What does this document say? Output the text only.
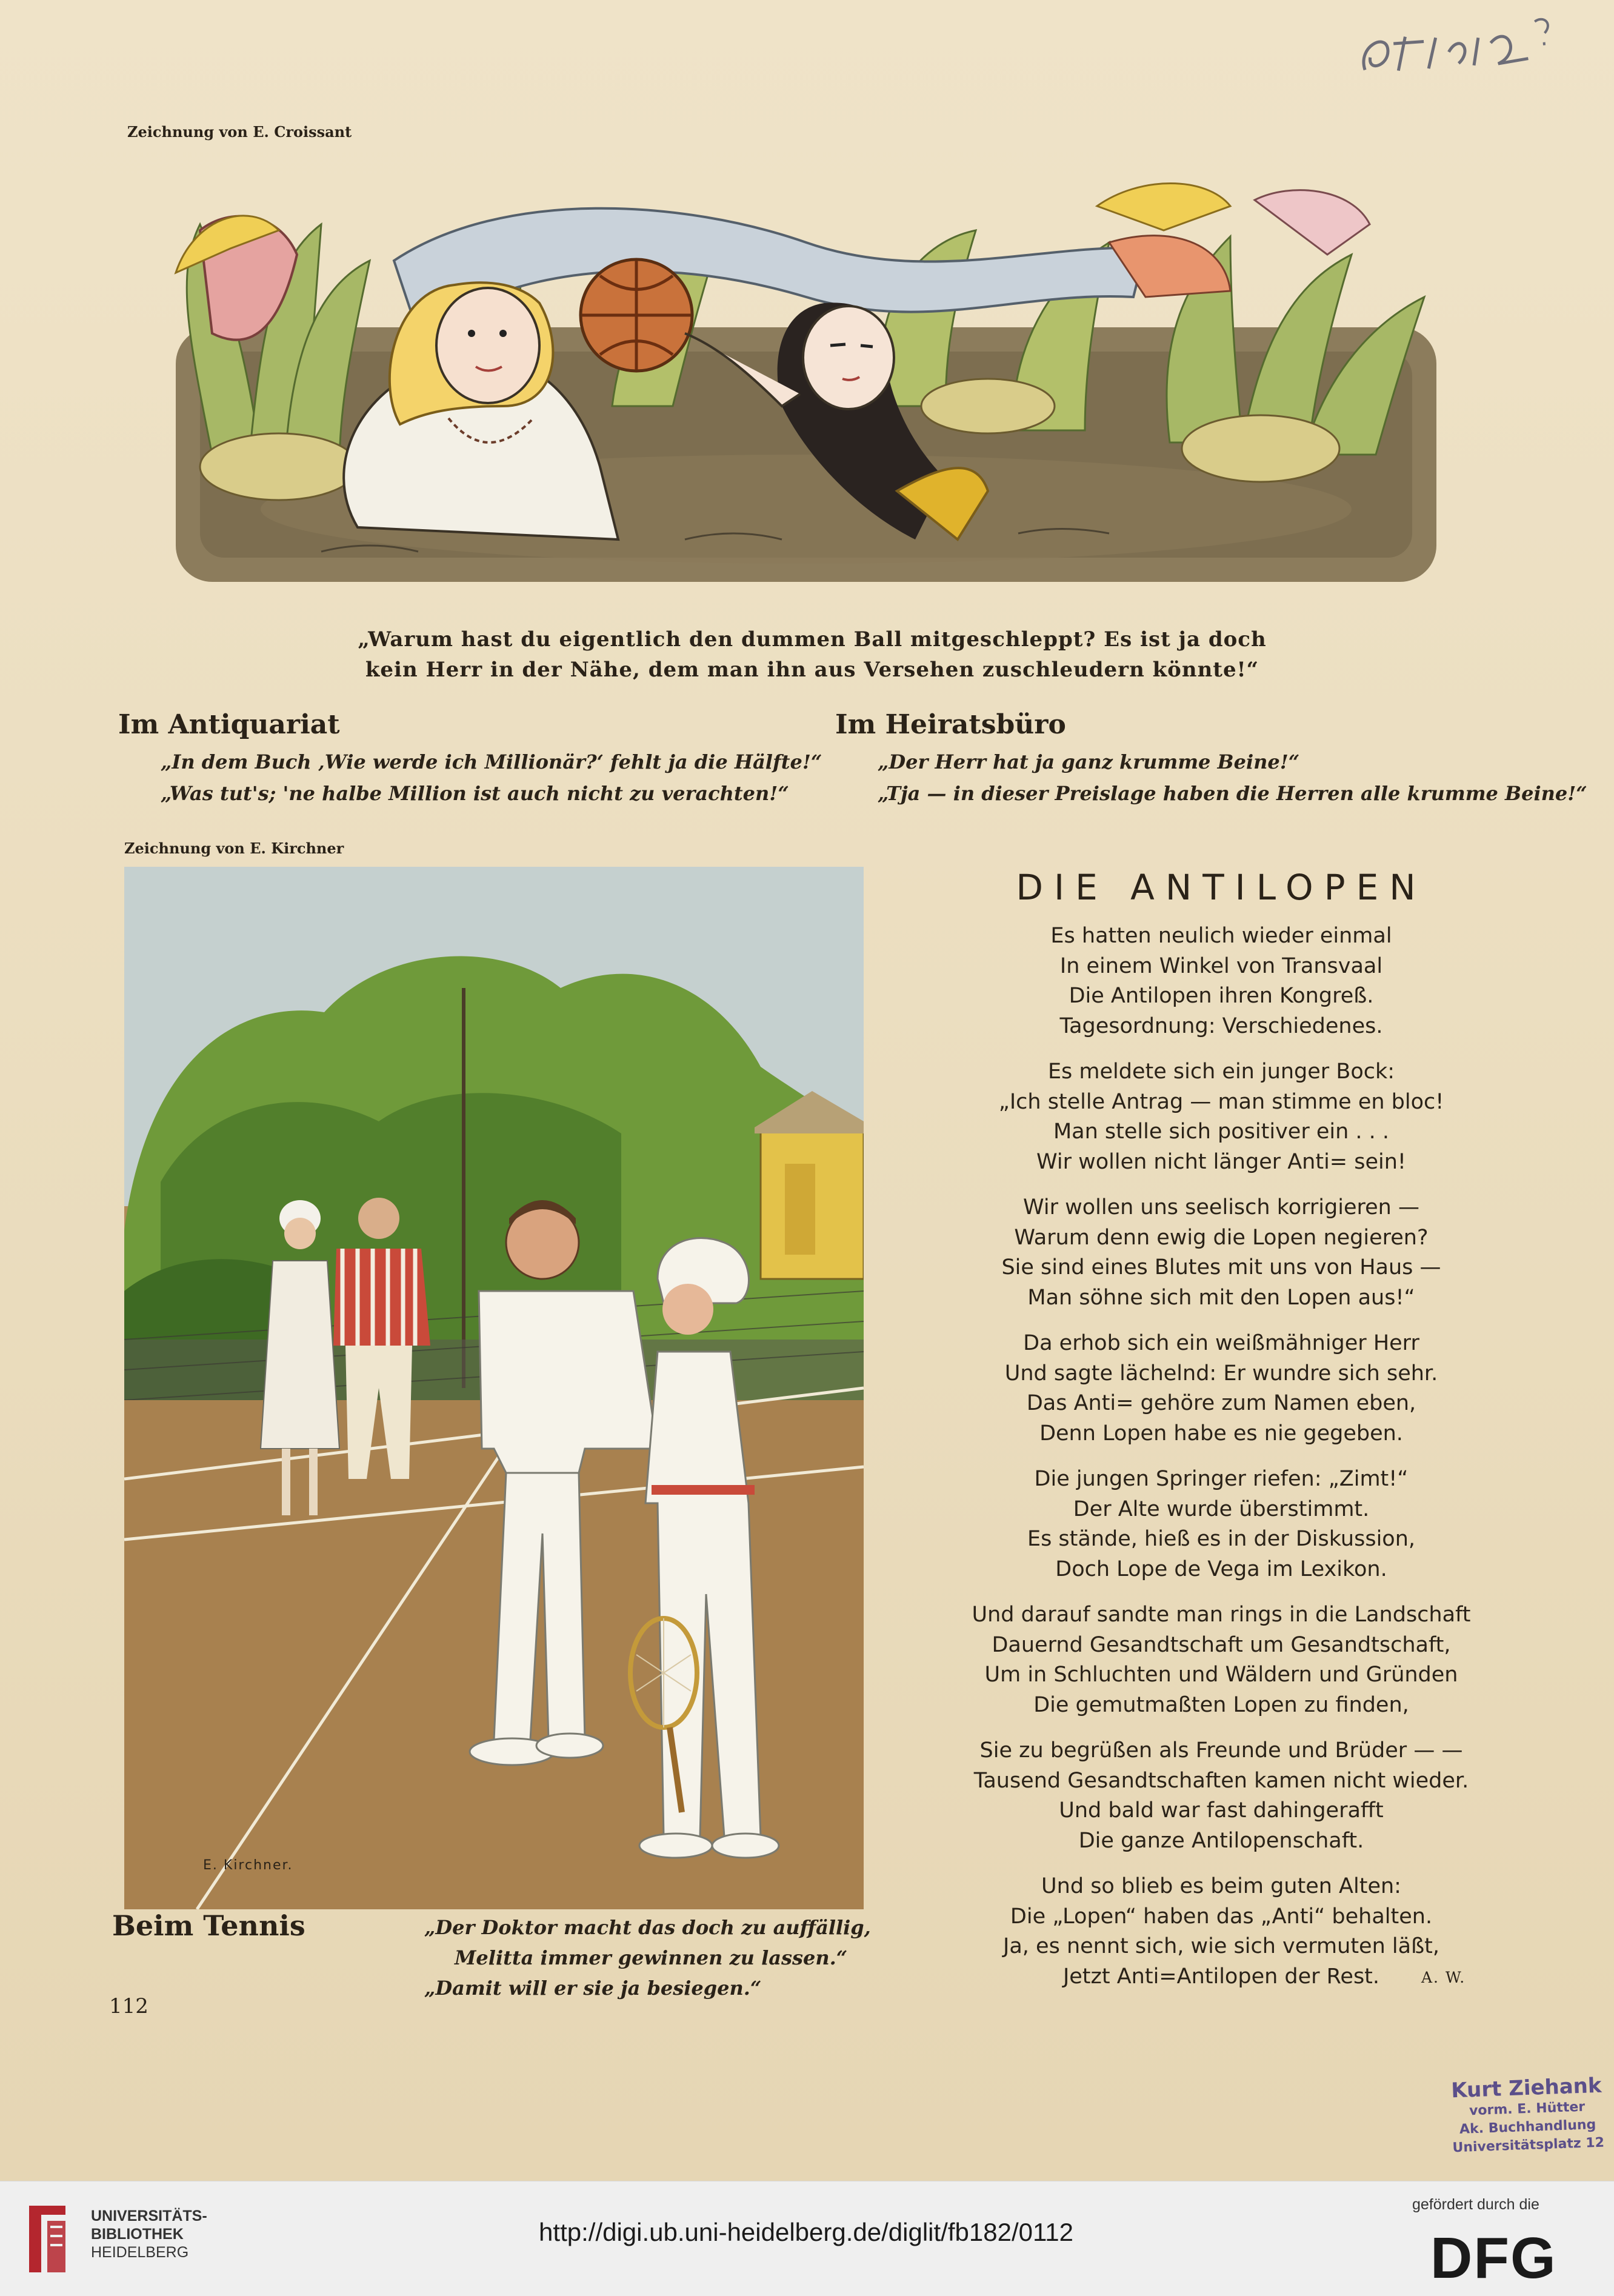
Zeichnung von E. Croissant
„Warum hast du eigentlich den dummen Ball mitgeschleppt? Es ist ja doch
kein Herr in der Nähe, dem man ihn aus Versehen zuschleudern könnte!“
Im Antiquariat

„In dem Buch ‚Wie werde ich Millionär?‘ fehlt ja die Hälfte!“

„Was tut's; 'ne halbe Million ist auch nicht zu verachten!“

Im Heiratsbüro

„Der Herr hat ja ganz krumme Beine!“

„Tja — in dieser Preislage haben die Herren alle krumme Beine!“

Zeichnung von E. Kirchner
E. Kirchner.
DIE ANTILOPEN
Es hatten neulich wieder einmal
In einem Winkel von Transvaal
Die Antilopen ihren Kongreß.
Tagesordnung: Verschiedenes.
Es meldete sich ein junger Bock:
„Ich stelle Antrag — man stimme en bloc!
Man stelle sich positiver ein . . .
Wir wollen nicht länger Anti= sein!
Wir wollen uns seelisch korrigieren —
Warum denn ewig die Lopen negieren?
Sie sind eines Blutes mit uns von Haus —
Man söhne sich mit den Lopen aus!“
Da erhob sich ein weißmähniger Herr
Und sagte lächelnd: Er wundre sich sehr.
Das Anti= gehöre zum Namen eben,
Denn Lopen habe es nie gegeben.
Die jungen Springer riefen: „Zimt!“
Der Alte wurde überstimmt.
Es stände, hieß es in der Diskussion,
Doch Lope de Vega im Lexikon.
Und darauf sandte man rings in die Landschaft
Dauernd Gesandtschaft um Gesandtschaft,
Um in Schluchten und Wäldern und Gründen
Die gemutmaßten Lopen zu finden,
Sie zu begrüßen als Freunde und Brüder — —
Tausend Gesandtschaften kamen nicht wieder.
Und bald war fast dahingerafft
Die ganze Antilopenschaft.
Und so blieb es beim guten Alten:
Die „Lopen“ haben das „Anti“ behalten.
Ja, es nennt sich, wie sich vermuten läßt,
Jetzt Anti=Antilopen der Rest.	A. W.
Beim Tennis	„Der Doktor macht das doch zu auffällig,
Melitta immer gewinnen zu lassen.“
„Damit will er sie ja besiegen.“
112
Kurt Ziehank
vorm. E. Hütter
Ak. Buchhandlung
Universitätsplatz 12
UNIVERSITÄTS-
BIBLIOTHEK
HEIDELBERG
http://digi.ub.uni-heidelberg.de/diglit/fb182/0112
gefördert durch die
DFG
